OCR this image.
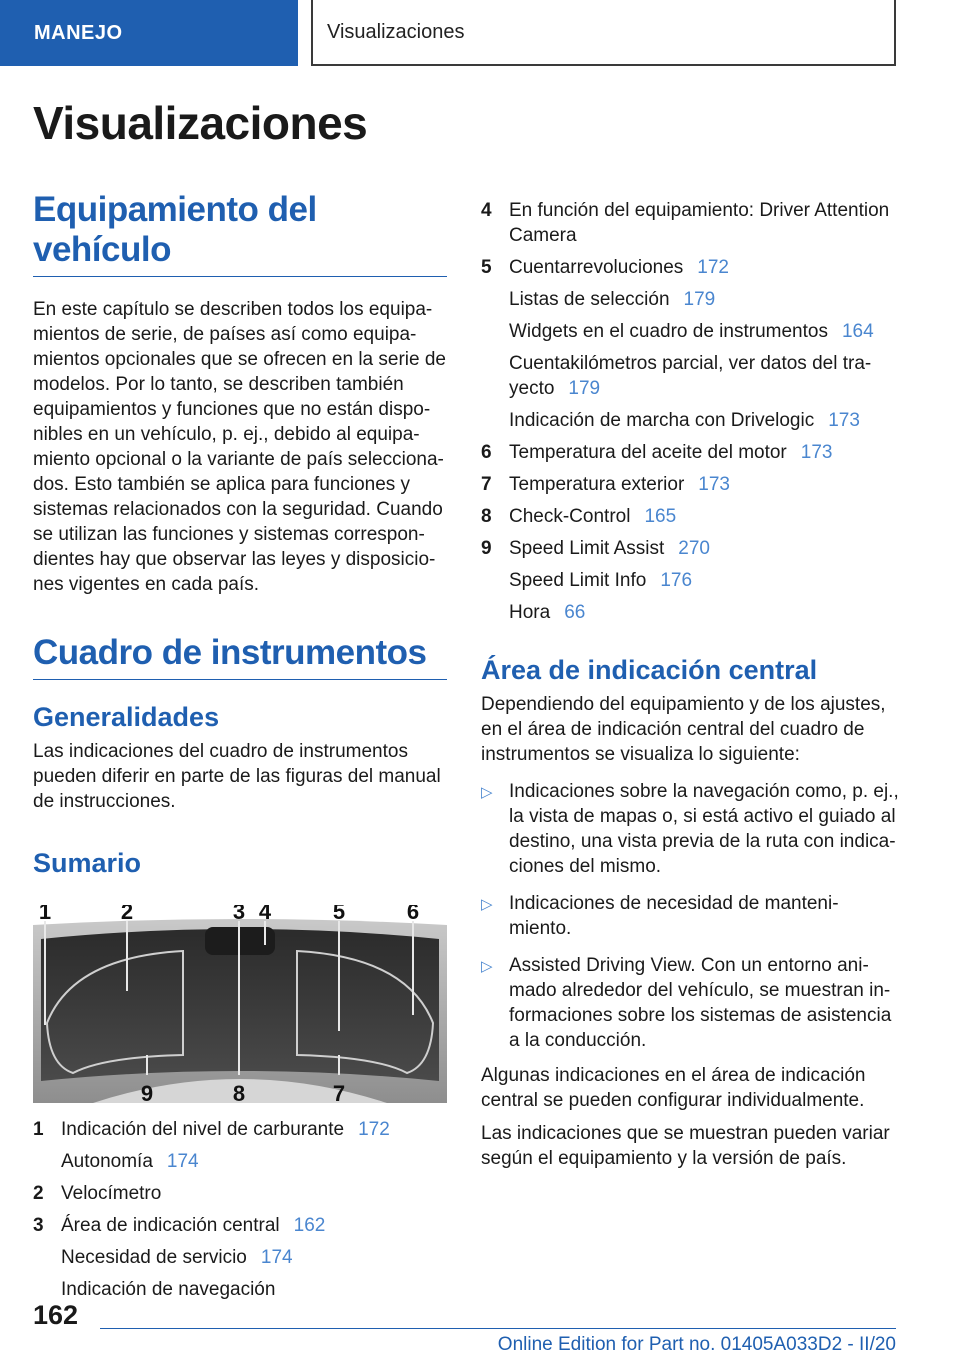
MANEJO	Visualizaciones
Visualizaciones
Equipamiento del vehículo

En este capítulo se describen todos los equipa-
mientos de serie, de países así como equipa-
mientos opcionales que se ofrecen en la serie de
modelos. Por lo tanto, se describen también
equipamientos y funciones que no están dispo-
nibles en un vehículo, p. ej., debido al equipa-
miento opcional o la variante de país selecciona-
dos. Esto también se aplica para funciones y
sistemas relacionados con la seguridad. Cuando
se utilizan las funciones y sistemas correspon-
dientes hay que observar las leyes y disposicio-
nes vigentes en cada país.

Cuadro de instrumentos
Generalidades

Las indicaciones del cuadro de instrumentos
pueden diferir en parte de las figuras del manual
de instrucciones.

Sumario
1	2	3 4	5	6
9	8	7
1 Indicación del nivel de carburante 172
Autonomía 174
2 Velocímetro
3 Área de indicación central 162
Necesidad de servicio 174
Indicación de navegación
4 En función del equipamiento: Driver Attention
Camera
5 Cuentarrevoluciones 172
Listas de selección 179
Widgets en el cuadro de instrumentos 164
Cuentakilómetros parcial, ver datos del tra-
yecto 179
Indicación de marcha con Drivelogic 173
6 Temperatura del aceite del motor 173
7 Temperatura exterior 173
8 Check-Control 165
9 Speed Limit Assist 270
Speed Limit Info 176
Hora 66
Área de indicación central

Dependiendo del equipamiento y de los ajustes,
en el área de indicación central del cuadro de
instrumentos se visualiza lo siguiente:

▷ Indicaciones sobre la navegación como, p. ej.,
la vista de mapas o, si está activo el guiado al
destino, una vista previa de la ruta con indica-
ciones del mismo.
▷ Indicaciones de necesidad de manteni-
miento.
▷ Assisted Driving View. Con un entorno ani-
mado alrededor del vehículo, se muestran in-
formaciones sobre los sistemas de asistencia
a la conducción.

Algunas indicaciones en el área de indicación
central se pueden configurar individualmente.

Las indicaciones que se muestran pueden variar
según el equipamiento y la versión de país.

162
Online Edition for Part no. 01405A033D2 - II/20
